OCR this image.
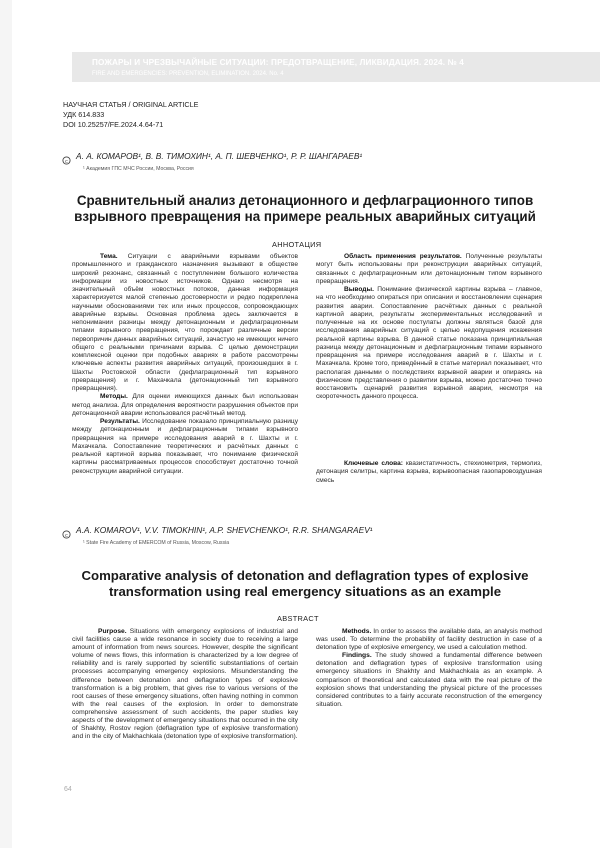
ПОЖАРЫ И ЧРЕЗВЫЧАЙНЫЕ СИТУАЦИИ: ПРЕДОТВРАЩЕНИЕ, ЛИКВИДАЦИЯ. 2024. № 4
FIRE AND EMERGENCIES: PREVENTION, ELIMINATION. 2024. No. 4
НАУЧНАЯ СТАТЬЯ / ORIGINAL ARTICLE
УДК 614.833
DOI 10.25257/FE.2024.4.64-71
c
А. А. КОМАРОВ¹, В. В. ТИМОХИН¹, А. П. ШЕВЧЕНКО¹, Р. Р. ШАНГАРАЕВ¹
¹ Академия ГПС МЧС России, Москва, Россия
Сравнительный анализ детонационного и дефлаграционного типов
взрывного превращения на примере реальных аварийных ситуаций
АННОТАЦИЯ

Тема. Ситуации с аварийными взрывами объектов промышленного и гражданского назначения вызывают в обществе широкий резонанс, связанный с поступлением большого количества информации из новостных источников. Однако несмотря на значительный объём новостных потоков, данная информация характеризуется малой степенью достоверности и редко подкреплена научными обоснованиями тех или иных процессов, сопровождающих аварийные взрывы. Основная проблема здесь заключается в непонимании разницы между детонационным и дефлаграционным типами взрывного превращения, что порождает различные версии первопричин данных аварийных ситуаций, зачастую не имеющих ничего общего с реальными причинами взрыва. С целью демонстрации комплексной оценки при подобных авариях в работе рассмотрены ключевые аспекты развития аварийных ситуаций, произошедших в г. Шахты Ростовской области (дефлаграционный тип взрывного превращения) и г. Махачкала (детонационный тип взрывного превращения).

Методы. Для оценки имеющихся данных был использован метод анализа. Для определения вероятности разрушения объектов при детонационной аварии использовался расчётный метод.

Результаты. Исследование показало принципиальную разницу между детонационным и дефлаграционным типами взрывного превращения на примере исследования аварий в г. Шахты и г. Махачкала. Сопоставление теоретических и расчётных данных с реальной картиной взрыва показывает, что понимание физической картины рассматриваемых процессов способствует достаточно точной реконструкции аварийной ситуации.

Область применения результатов. Полученные результаты могут быть использованы при реконструкции аварийных ситуаций, связанных с дефлаграционным или детонационным типом взрывного превращения.

Выводы. Понимание физической картины взрыва – главное, на что необходимо опираться при описании и восстановлении сценария развития аварии. Сопоставление расчётных данных с реальной картиной аварии, результаты экспериментальных исследований и полученные на их основе постулаты должны являться базой для исследования аварийных ситуаций с целью недопущения искажения реальной картины взрыва. В данной статье показана принципиальная разница между детонационным и дефлаграционным типами взрывного превращения на примере исследования аварий в г. Шахты и г. Махачкала. Кроме того, приведённый в статье материал показывает, что располагая данными о последствиях взрывной аварии и опираясь на физические представления о развитии взрыва, можно достаточно точно восстановить сценарий развития взрывной аварии, несмотря на скоротечность данного процесса.

Ключевые слова: квазистатичность, стехиометрия, термолиз, детонация селитры, картина взрыва, взрывоопасная газопаровоздушная смесь

c
A.A. KOMAROV¹, V.V. TIMOKHIN¹, A.P. SHEVCHENKO¹, R.R. SHANGARAEV¹
¹ State Fire Academy of EMERCOM of Russia, Moscow, Russia
Comparative analysis of detonation and deflagration types of explosive
transformation using real emergency situations as an example
ABSTRACT

Purpose. Situations with emergency explosions of industrial and civil facilities cause a wide resonance in society due to receiving a large amount of information from news sources. However, despite the significant volume of news flows, this information is characterized by a low degree of reliability and is rarely supported by scientific substantiations of certain processes accompanying emergency explosions. Misunderstanding the difference between detonation and deflagration types of explosive transformation is a big problem, that gives rise to various versions of the root causes of these emergency situations, often having nothing in common with the real causes of the explosion. In order to demonstrate comprehensive assessment of such accidents, the paper studies key aspects of the development of emergency situations that occurred in the city of Shakhty, Rostov region (deflagration type of explosive transformation) and in the city of Makhachkala (detonation type of explosive transformation).

Methods. In order to assess the available data, an analysis method was used. To determine the probability of facility destruction in case of a detonation type of explosive emergency, we used a calculation method.

Findings. The study showed a fundamental difference between detonation and deflagration types of explosive transformation using emergency situations in Shakhty and Makhachkala as an example. A comparison of theoretical and calculated data with the real picture of the explosion shows that understanding the physical picture of the processes considered contributes to a fairly accurate reconstruction of the emergency situation.

64
